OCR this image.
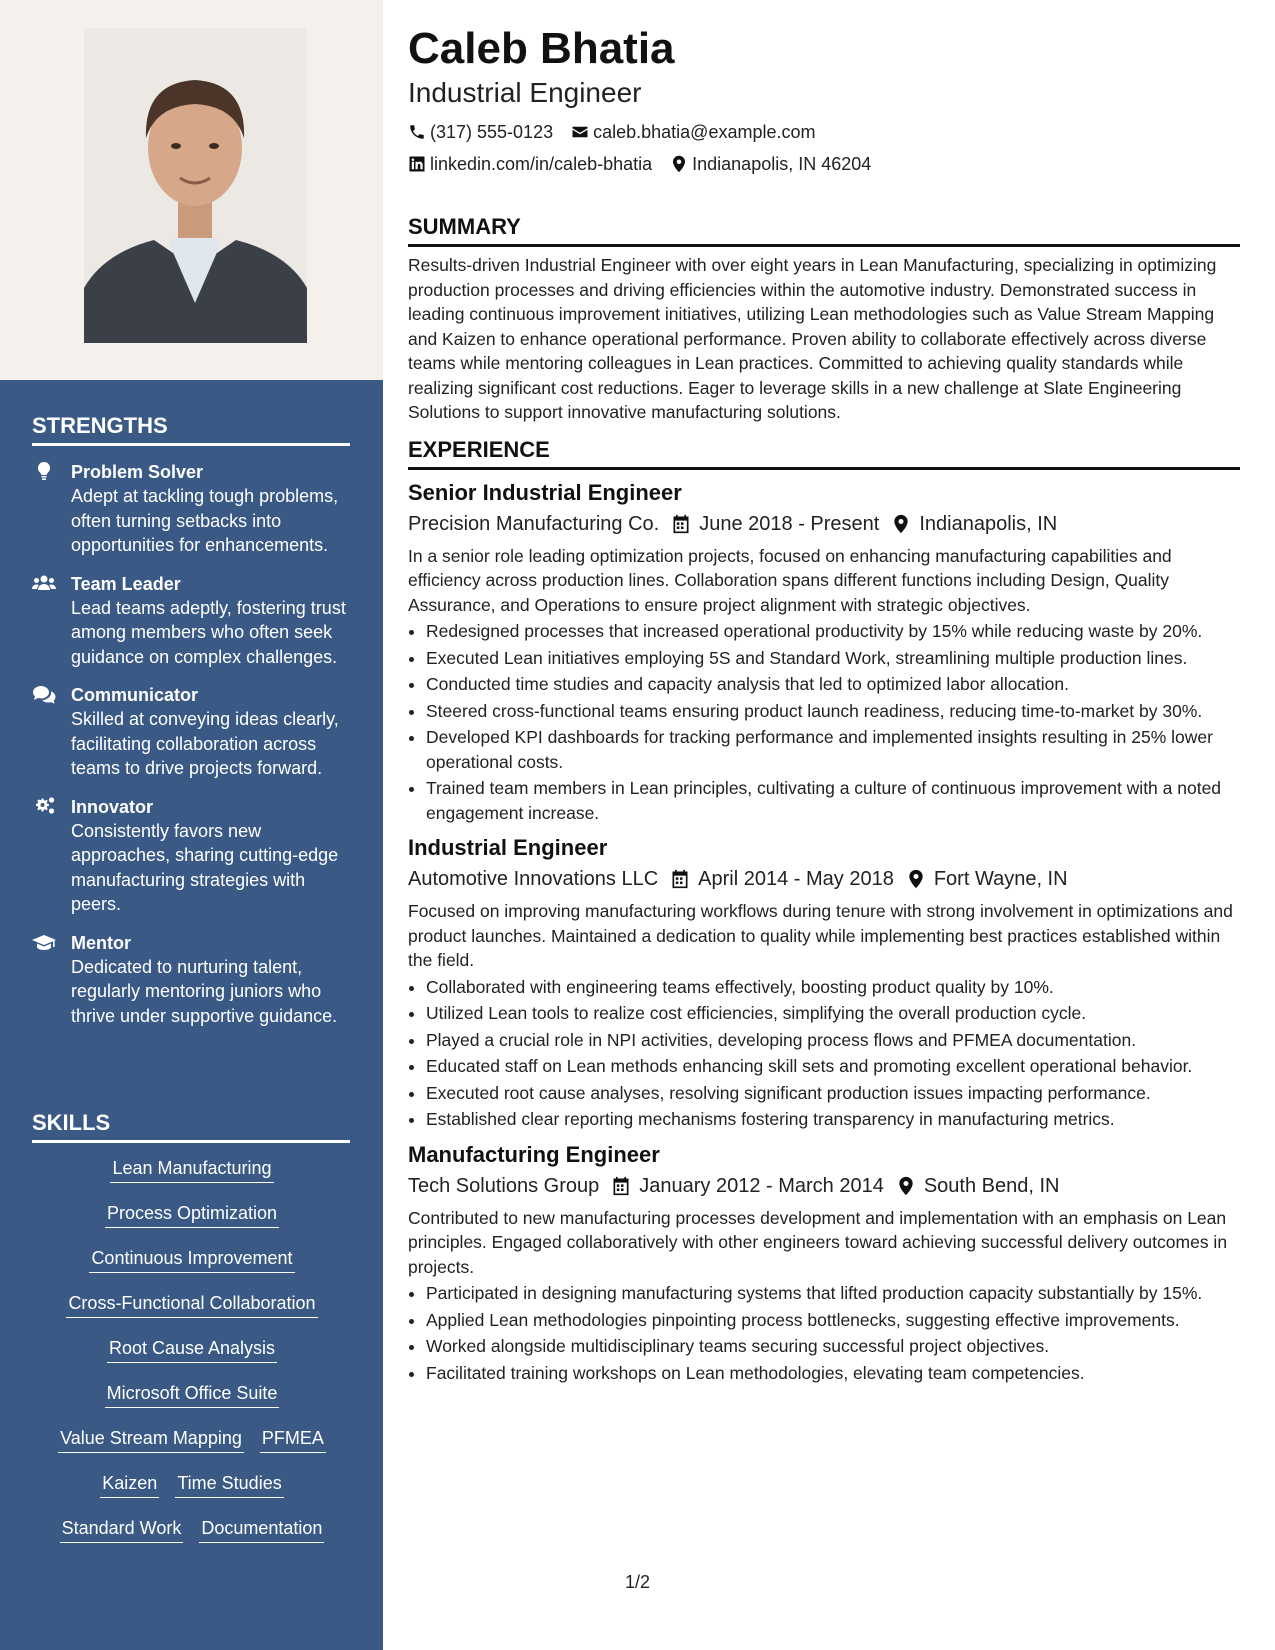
STRENGTHS
Problem Solver
Adept at tackling tough problems, often turning setbacks into opportunities for enhancements.
Team Leader
Lead teams adeptly, fostering trust among members who often seek guidance on complex challenges.
Communicator
Skilled at conveying ideas clearly, facilitating collaboration across teams to drive projects forward.
Innovator
Consistently favors new approaches, sharing cutting-edge manufacturing strategies with peers.
Mentor
Dedicated to nurturing talent, regularly mentoring juniors who thrive under supportive guidance.
SKILLS
Lean Manufacturing
Process Optimization
Continuous Improvement
Cross-Functional Collaboration
Root Cause Analysis
Microsoft Office Suite
Value Stream Mapping PFMEA
Kaizen Time Studies
Standard Work Documentation
Caleb Bhatia
Industrial Engineer
(317) 555-0123 caleb.bhatia@example.com
linkedin.com/in/caleb-bhatia Indianapolis, IN 46204
SUMMARY

Results-driven Industrial Engineer with over eight years in Lean Manufacturing, specializing in optimizing production processes and driving efficiencies within the automotive industry. Demonstrated success in leading continuous improvement initiatives, utilizing Lean methodologies such as Value Stream Mapping and Kaizen to enhance operational performance. Proven ability to collaborate effectively across diverse teams while mentoring colleagues in Lean practices. Committed to achieving quality standards while realizing significant cost reductions. Eager to leverage skills in a new challenge at Slate Engineering Solutions to support innovative manufacturing solutions.

EXPERIENCE
Senior Industrial Engineer
Precision Manufacturing Co. June 2018 - Present Indianapolis, IN

In a senior role leading optimization projects, focused on enhancing manufacturing capabilities and efficiency across production lines. Collaboration spans different functions including Design, Quality Assurance, and Operations to ensure project alignment with strategic objectives.

• Redesigned processes that increased operational productivity by 15% while reducing waste by 20%.
• Executed Lean initiatives employing 5S and Standard Work, streamlining multiple production lines.
• Conducted time studies and capacity analysis that led to optimized labor allocation.
• Steered cross-functional teams ensuring product launch readiness, reducing time-to-market by 30%.
• Developed KPI dashboards for tracking performance and implemented insights resulting in 25% lower operational costs.
• Trained team members in Lean principles, cultivating a culture of continuous improvement with a noted engagement increase.
Industrial Engineer
Automotive Innovations LLC April 2014 - May 2018 Fort Wayne, IN

Focused on improving manufacturing workflows during tenure with strong involvement in optimizations and product launches. Maintained a dedication to quality while implementing best practices established within the field.

• Collaborated with engineering teams effectively, boosting product quality by 10%.
• Utilized Lean tools to realize cost efficiencies, simplifying the overall production cycle.
• Played a crucial role in NPI activities, developing process flows and PFMEA documentation.
• Educated staff on Lean methods enhancing skill sets and promoting excellent operational behavior.
• Executed root cause analyses, resolving significant production issues impacting performance.
• Established clear reporting mechanisms fostering transparency in manufacturing metrics.
Manufacturing Engineer
Tech Solutions Group January 2012 - March 2014 South Bend, IN

Contributed to new manufacturing processes development and implementation with an emphasis on Lean principles. Engaged collaboratively with other engineers toward achieving successful delivery outcomes in projects.

• Participated in designing manufacturing systems that lifted production capacity substantially by 15%.
• Applied Lean methodologies pinpointing process bottlenecks, suggesting effective improvements.
• Worked alongside multidisciplinary teams securing successful project objectives.
• Facilitated training workshops on Lean methodologies, elevating team competencies.
1/2
